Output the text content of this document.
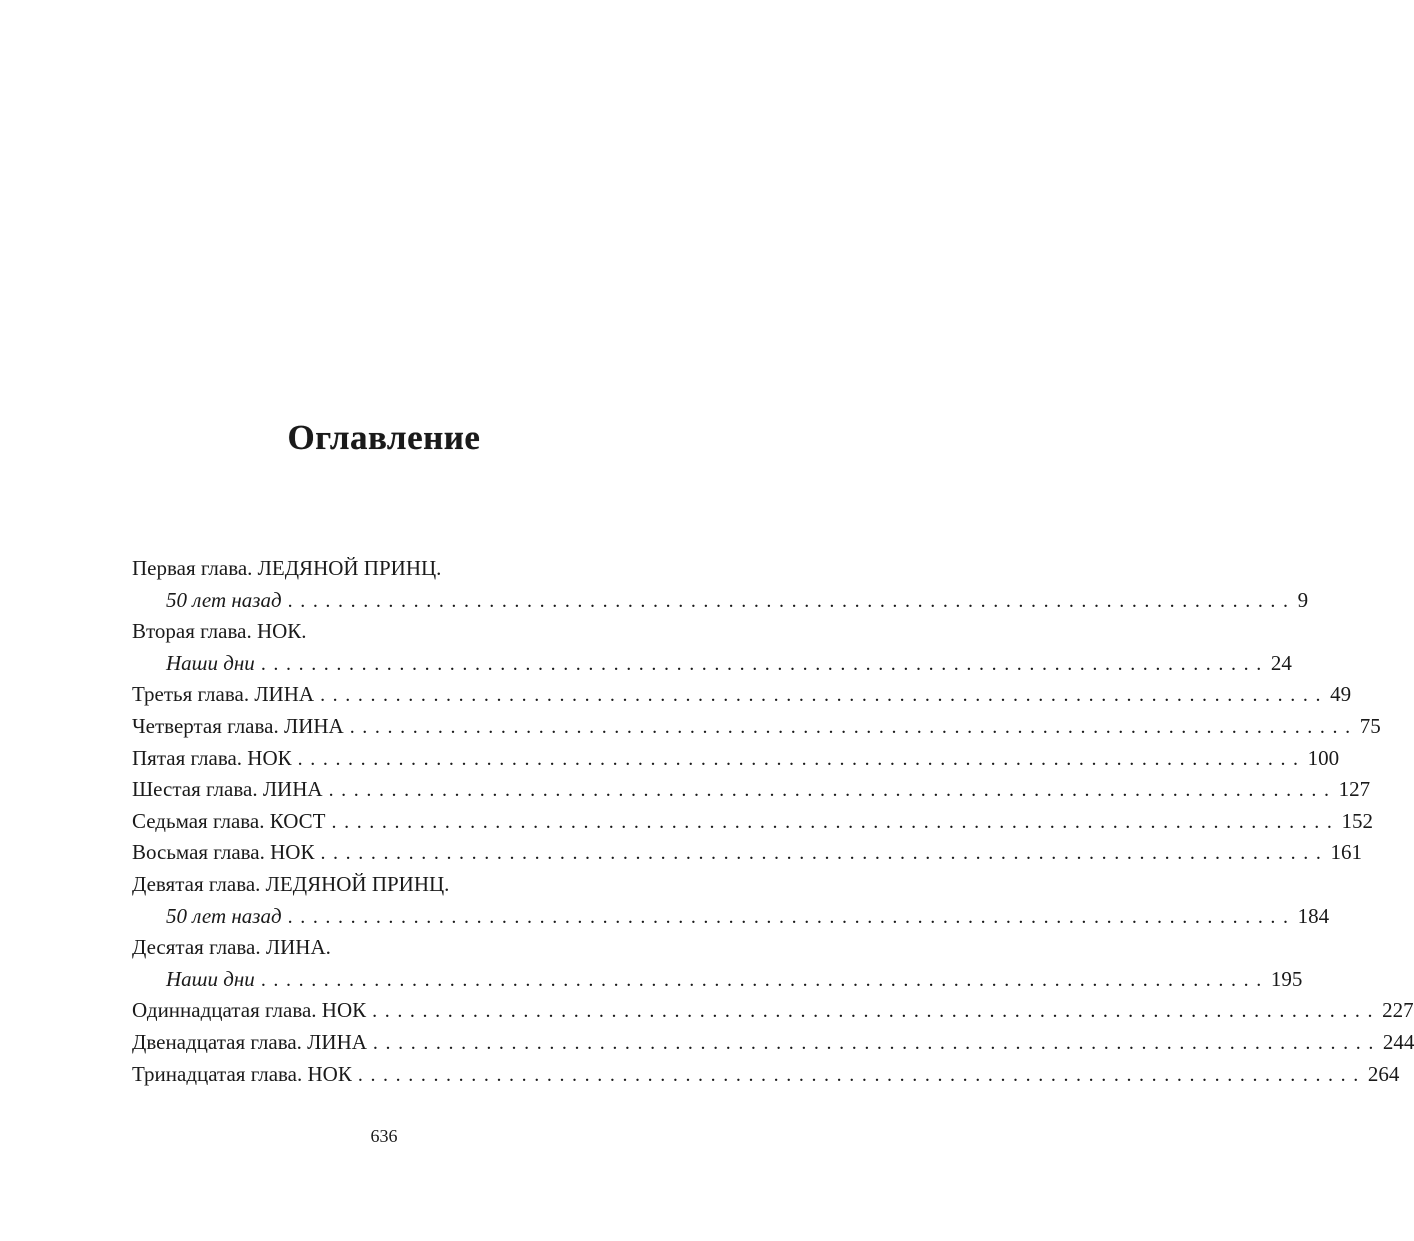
Оглавление
Первая глава. ЛЕДЯНОЙ ПРИНЦ.
50 лет назад ................................................................................ 9
Вторая глава. НОК.
Наши дни ................................................................................ 24
Третья глава. ЛИНА ................................................................................ 49
Четвертая глава. ЛИНА ................................................................................ 75
Пятая глава. НОК ................................................................................ 100
Шестая глава. ЛИНА ................................................................................ 127
Седьмая глава. КОСТ ................................................................................ 152
Восьмая глава. НОК ................................................................................ 161
Девятая глава. ЛЕДЯНОЙ ПРИНЦ.
50 лет назад ................................................................................ 184
Десятая глава. ЛИНА.
Наши дни ................................................................................ 195
Одиннадцатая глава. НОК ................................................................................ 227
Двенадцатая глава. ЛИНА ................................................................................ 244
Тринадцатая глава. НОК ................................................................................ 264
636
